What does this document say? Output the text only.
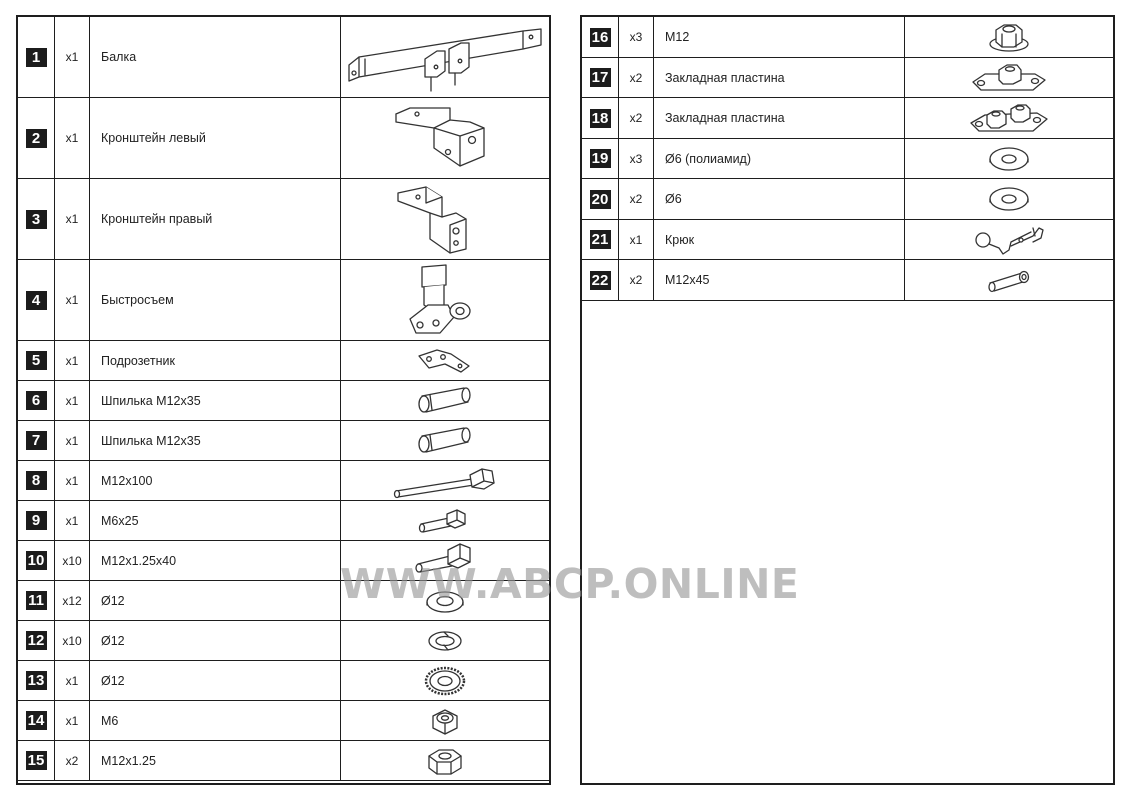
1	x1 Балка
2	x1 Кронштейн левый
3	x1 Кронштейн правый
4	x1 Быстросъем
5	x1 Подрозетник
6	x1 Шпилька М12х35
7	x1 Шпилька М12х35
8	x1 М12х100
9	x1 М6х25
10 x10 М12х1.25х40
11 x12 Ø12
12 x10 Ø12
13 x1 Ø12
14 x1 М6
15 x2 М12х1.25
16 x3 М12
17 x2 Закладная пластина
18 x2 Закладная пластина
19 x3 Ø6 (полиамид)
20 x2 Ø6
21 x1 Крюк
22 x2 М12х45
WWW.ABCP.ONLINE
